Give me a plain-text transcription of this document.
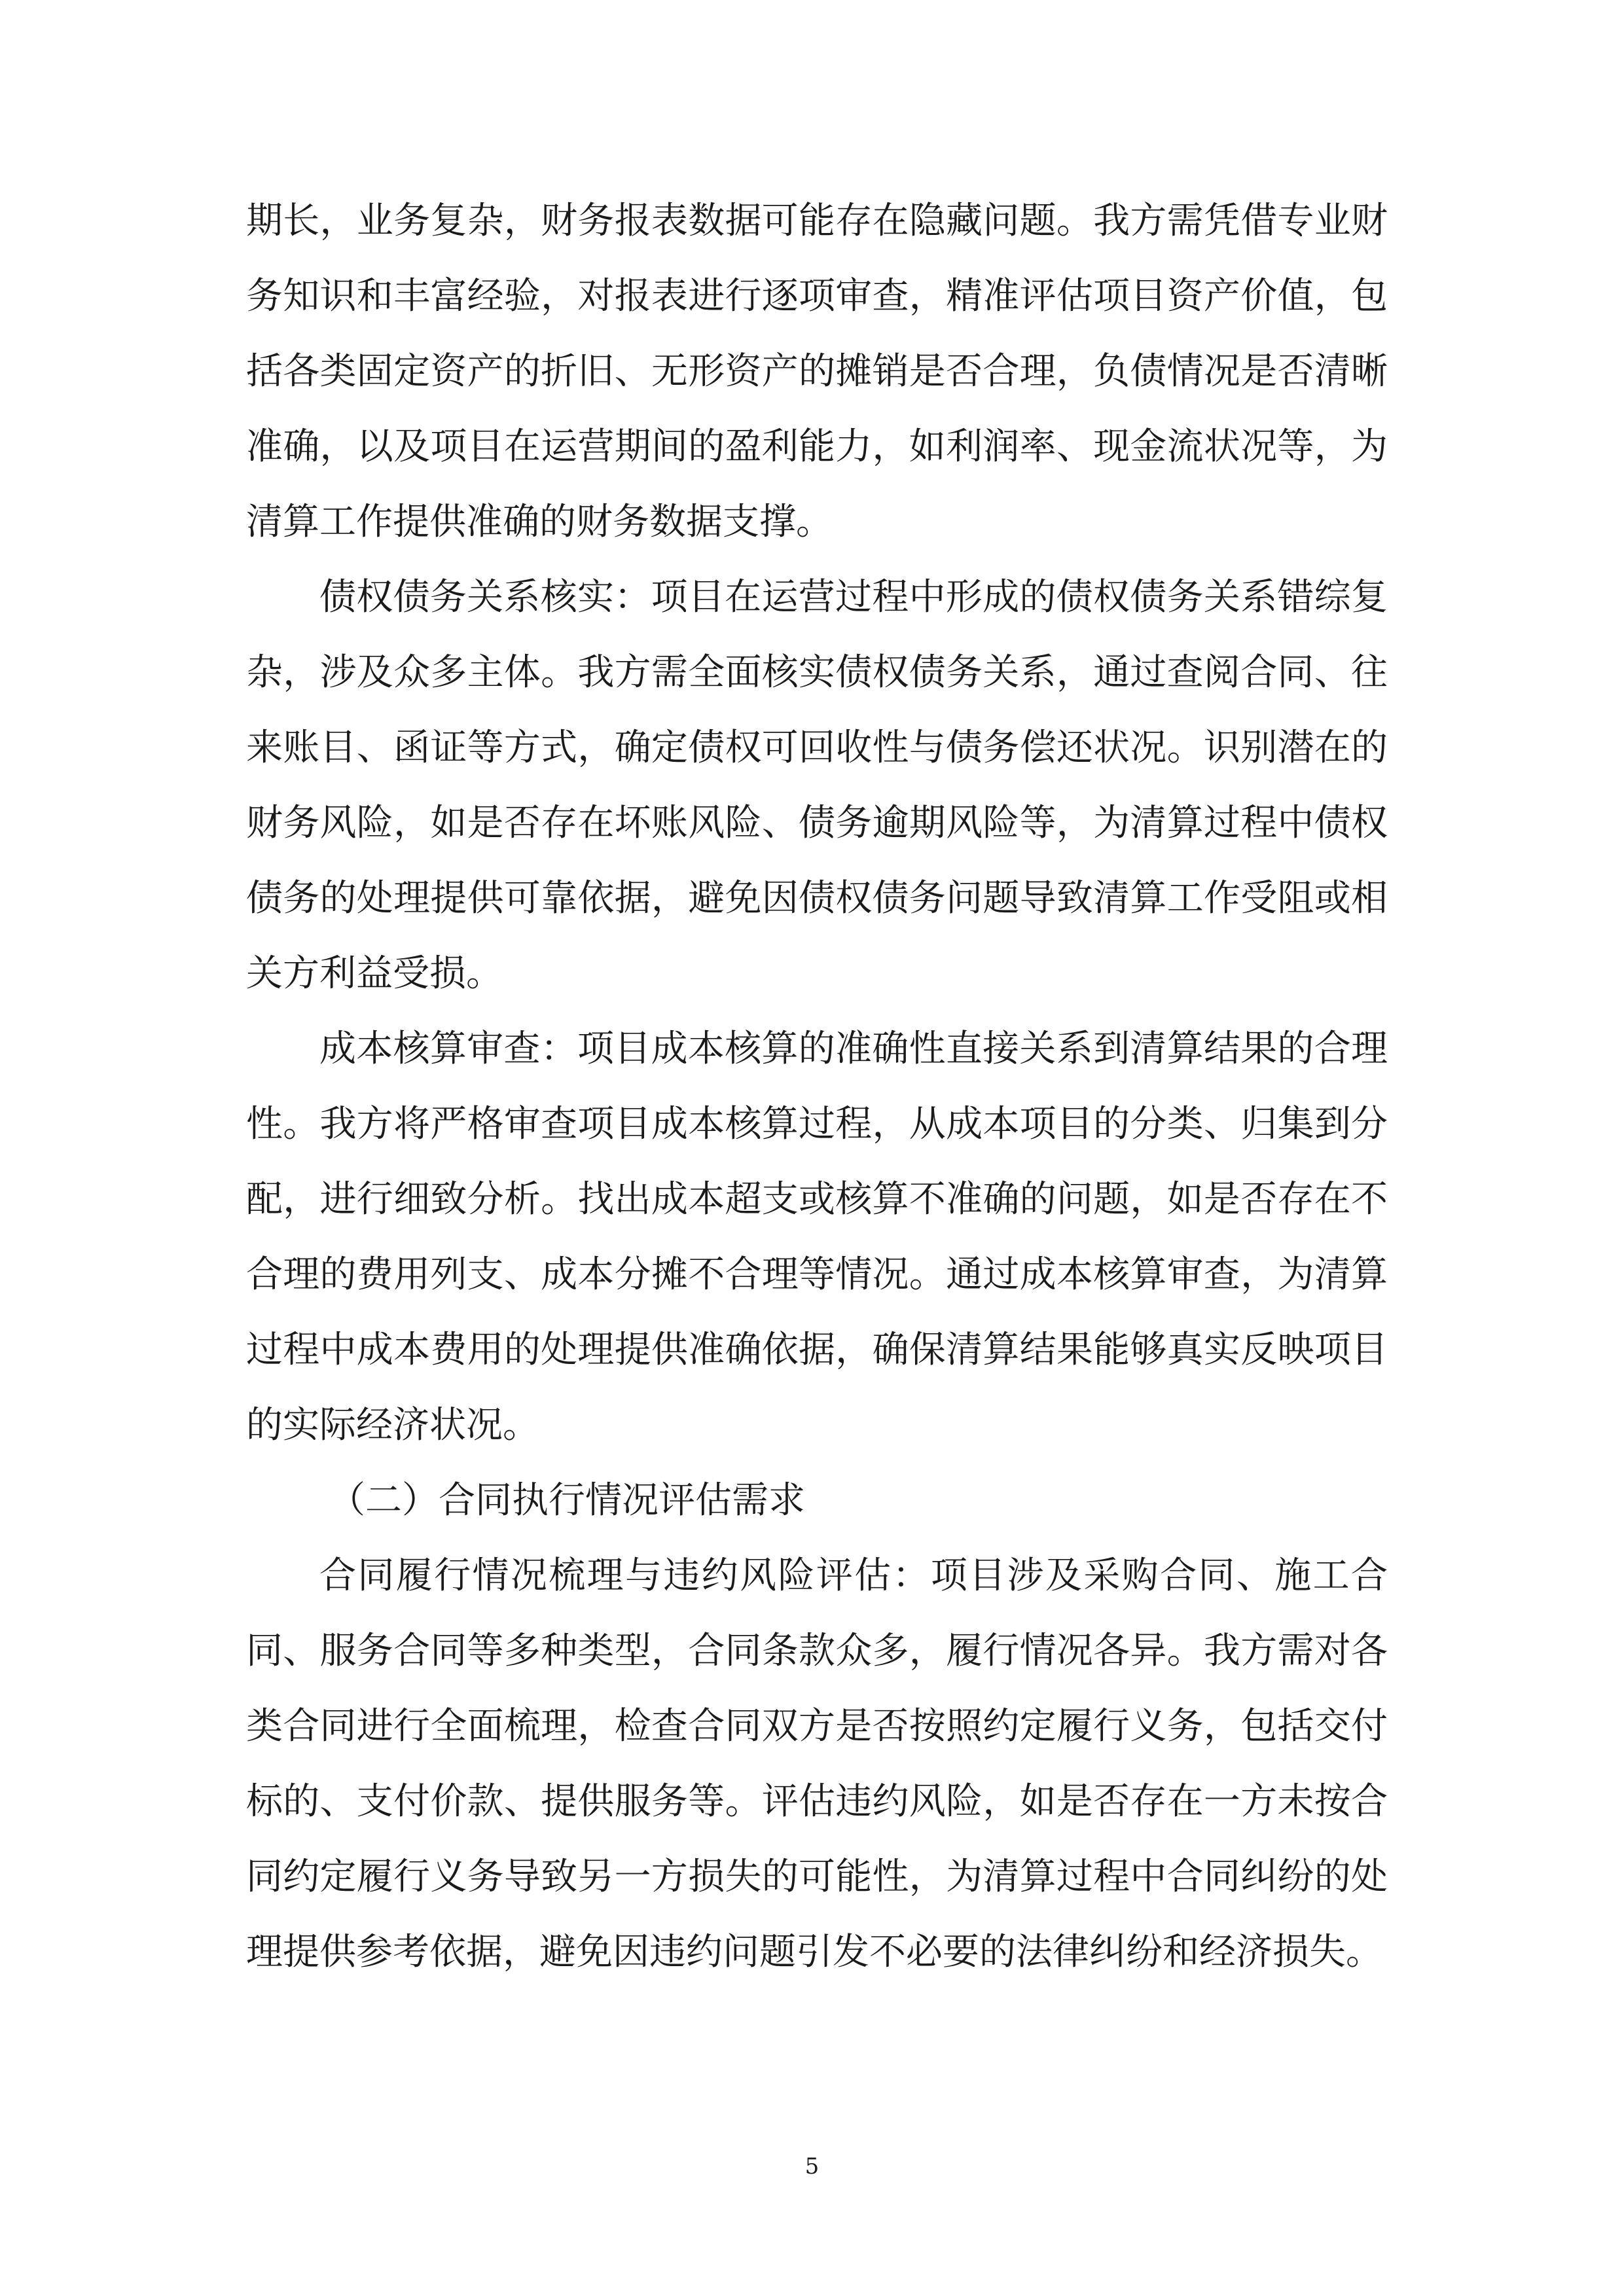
期长，业务复杂，财务报表数据可能存在隐藏问题。我方需凭借专业财务知识和丰富经验，对报表进行逐项审查，精准评估项目资产价值，包括各类固定资产的折旧、无形资产的摊销是否合理，负债情况是否清晰准确，以及项目在运营期间的盈利能力，如利润率、现金流状况等，为清算工作提供准确的财务数据支撑。

债权债务关系核实：项目在运营过程中形成的债权债务关系错综复杂，涉及众多主体。我方需全面核实债权债务关系，通过查阅合同、往来账目、函证等方式，确定债权可回收性与债务偿还状况。识别潜在的财务风险，如是否存在坏账风险、债务逾期风险等，为清算过程中债权债务的处理提供可靠依据，避免因债权债务问题导致清算工作受阻或相关方利益受损。

成本核算审查：项目成本核算的准确性直接关系到清算结果的合理性。我方将严格审查项目成本核算过程，从成本项目的分类、归集到分配，进行细致分析。找出成本超支或核算不准确的问题，如是否存在不合理的费用列支、成本分摊不合理等情况。通过成本核算审查，为清算过程中成本费用的处理提供准确依据，确保清算结果能够真实反映项目的实际经济状况。

（二）合同执行情况评估需求

合同履行情况梳理与违约风险评估：项目涉及采购合同、施工合同、服务合同等多种类型，合同条款众多，履行情况各异。我方需对各类合同进行全面梳理，检查合同双方是否按照约定履行义务，包括交付标的、支付价款、提供服务等。评估违约风险，如是否存在一方未按合同约定履行义务导致另一方损失的可能性，为清算过程中合同纠纷的处理提供参考依据，避免因违约问题引发不必要的法律纠纷和经济损失。

5
